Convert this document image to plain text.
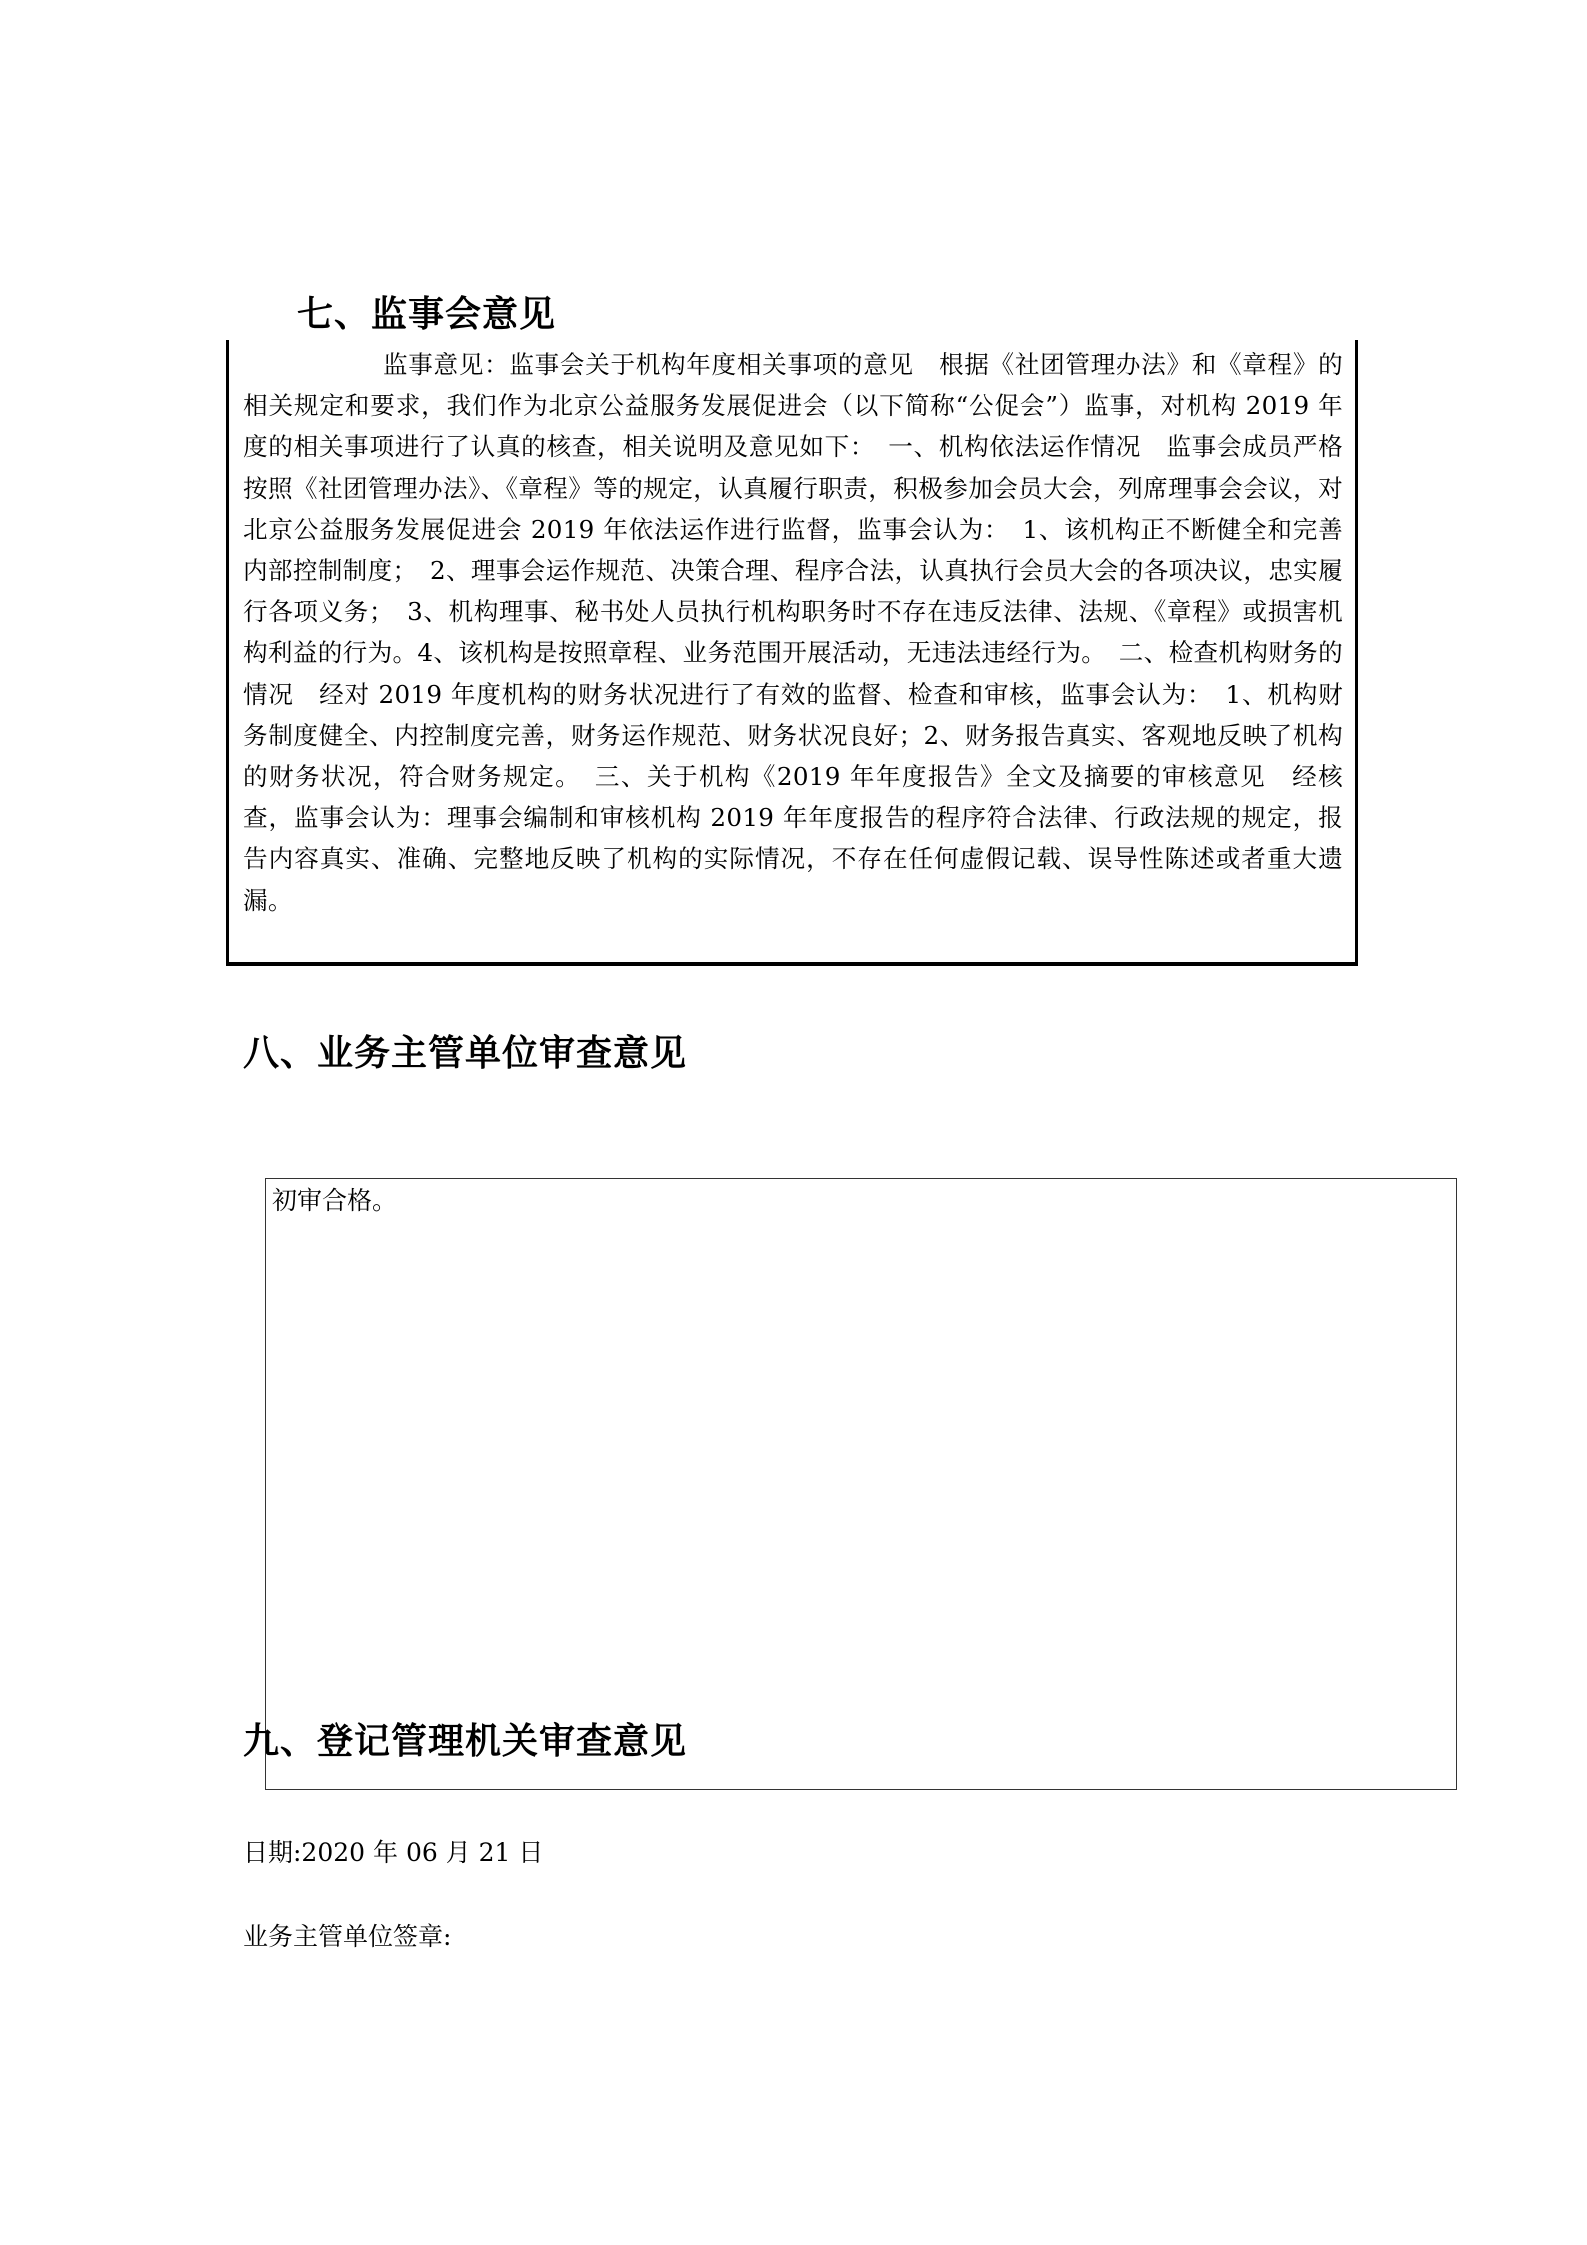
七、监事会意见

监事意见：监事会关于机构年度相关事项的意见　根据《社团管理办法》和《章程》的相关规定和要求，我们作为北京公益服务发展促进会（以下简称“公促会”）监事，对机构 2019 年度的相关事项进行了认真的核查，相关说明及意见如下：　一、机构依法运作情况　监事会成员严格按照《社团管理办法》、《章程》等的规定，认真履行职责，积极参加会员大会，列席理事会会议，对北京公益服务发展促进会 2019 年依法运作进行监督，监事会认为：　1、该机构正不断健全和完善内部控制制度；　2、理事会运作规范、决策合理、程序合法，认真执行会员大会的各项决议，忠实履行各项义务；　3、机构理事、秘书处人员执行机构职务时不存在违反法律、法规、《章程》或损害机构利益的行为。4、该机构是按照章程、业务范围开展活动，无违法违经行为。　二、检查机构财务的情况　经对 2019 年度机构的财务状况进行了有效的监督、检查和审核，监事会认为：　1、机构财务制度健全、内控制度完善，财务运作规范、财务状况良好；2、财务报告真实、客观地反映了机构的财务状况，符合财务规定。　三、关于机构《2019 年年度报告》全文及摘要的审核意见　经核查，监事会认为：理事会编制和审核机构 2019 年年度报告的程序符合法律、行政法规的规定，报告内容真实、准确、完整地反映了机构的实际情况，不存在任何虚假记载、误导性陈述或者重大遗漏。

八、业务主管单位审查意见

初审合格。

日期:2020 年 06 月 21 日
业务主管单位签章:
九、登记管理机关审查意见
